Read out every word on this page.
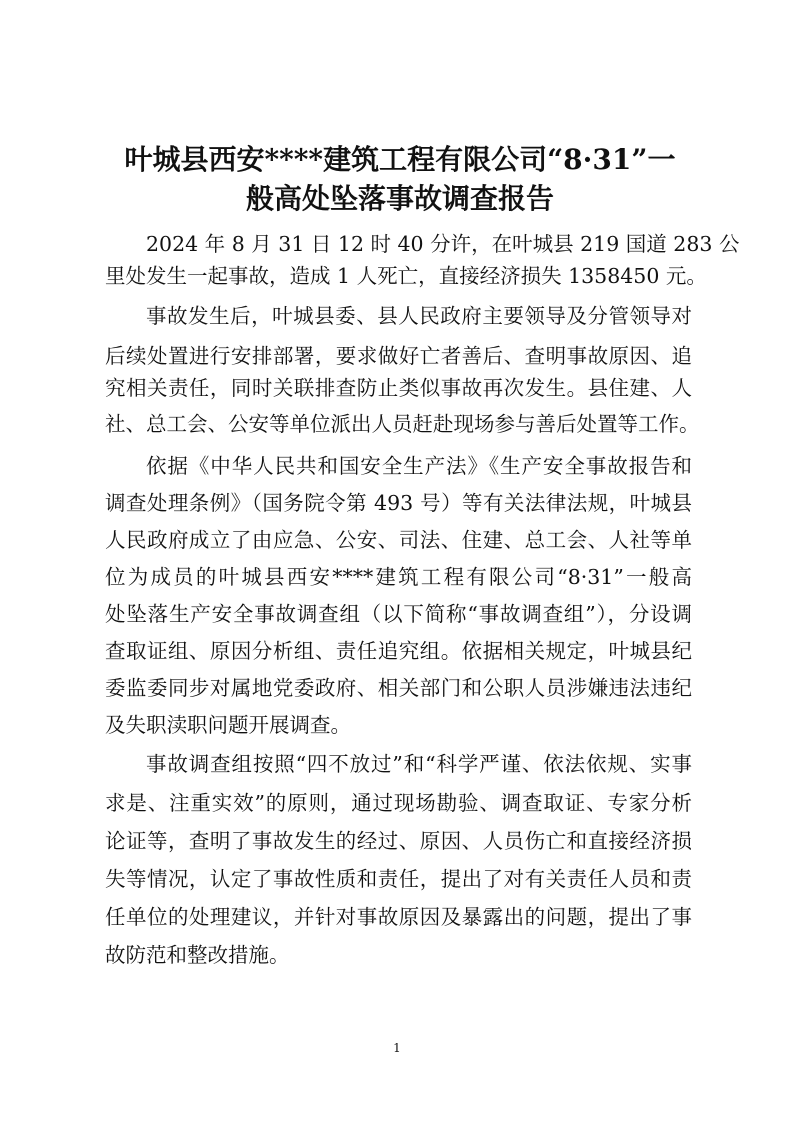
叶城县西安****建筑工程有限公司“8·31”一
般高处坠落事故调查报告
2024 年 8 月 31 日 12 时 40 分许，在叶城县 219 国道 283 公
里处发生一起事故，造成 1 人死亡，直接经济损失 1358450 元。
事故发生后，叶城县委、县人民政府主要领导及分管领导对
后续处置进行安排部署，要求做好亡者善后、查明事故原因、追
究相关责任，同时关联排查防止类似事故再次发生。县住建、人
社、总工会、公安等单位派出人员赶赴现场参与善后处置等工作。
依据《中华人民共和国安全生产法》《生产安全事故报告和
调查处理条例》（国务院令第 493 号）等有关法律法规，叶城县
人民政府成立了由应急、公安、司法、住建、总工会、人社等单
位为成员的叶城县西安****建筑工程有限公司“8·31”一般高
处坠落生产安全事故调查组（以下简称“事故调查组”），分设调
查取证组、原因分析组、责任追究组。依据相关规定，叶城县纪
委监委同步对属地党委政府、相关部门和公职人员涉嫌违法违纪
及失职渎职问题开展调查。
事故调查组按照“四不放过”和“科学严谨、依法依规、实事
求是、注重实效”的原则，通过现场勘验、调查取证、专家分析
论证等，查明了事故发生的经过、原因、人员伤亡和直接经济损
失等情况，认定了事故性质和责任，提出了对有关责任人员和责
任单位的处理建议，并针对事故原因及暴露出的问题，提出了事
故防范和整改措施。
1
